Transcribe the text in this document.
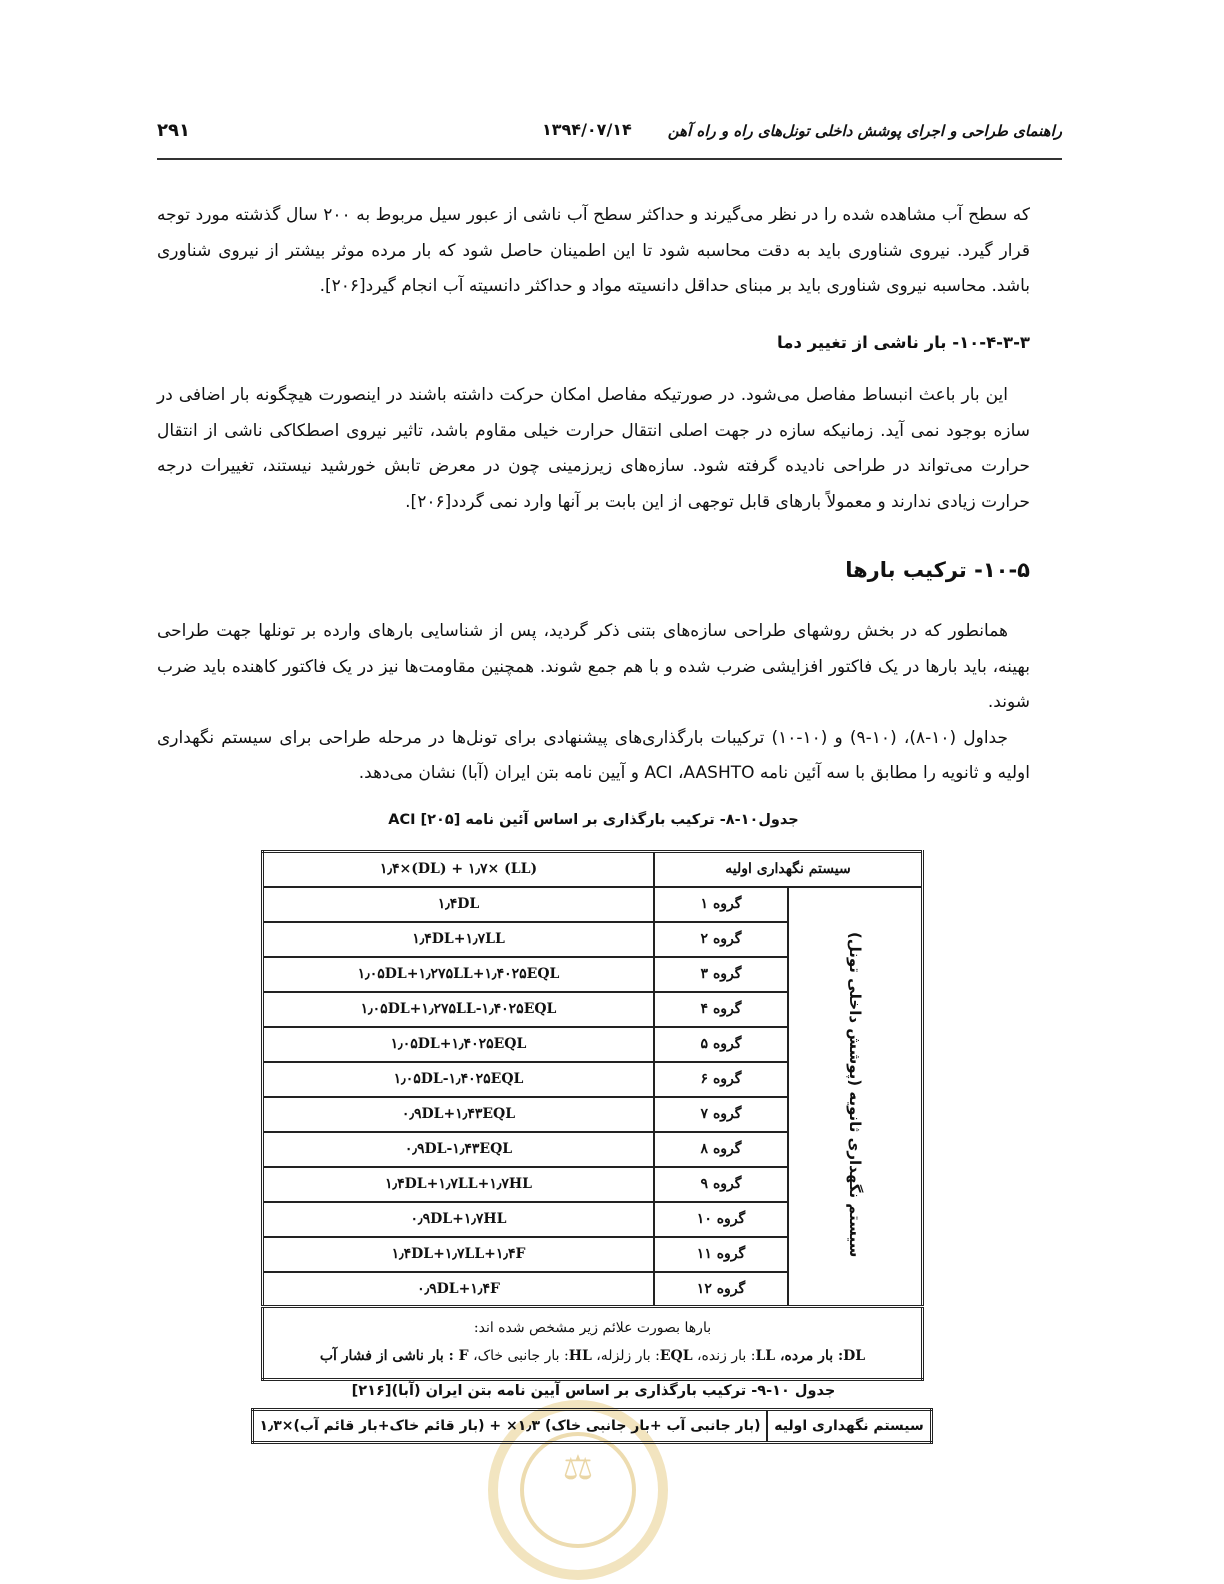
۲۹۱	۱۳۹۴/۰۷/۱۴ راهنمای طراحی و اجرای پوشش داخلی تونل‌های راه و راه آهن

که سطح آب مشاهده شده را در نظر می‌گیرند و حداکثر سطح آب ناشی از عبور سیل مربوط به ۲۰۰ سال گذشته مورد توجه قرار گیرد. نیروی شناوری باید به دقت محاسبه شود تا این اطمینان حاصل شود که بار مرده موثر بیشتر از نیروی شناوری باشد. محاسبه نیروی شناوری باید بر مبنای حداقل دانسیته مواد و حداکثر دانسیته آب انجام گیرد[۲۰۶].

۱۰-۴-۳-۳- بار ناشی از تغییر دما

این بار باعث انبساط مفاصل می‌شود. در صورتیکه مفاصل امکان حرکت داشته باشند در اینصورت هیچگونه بار اضافی در سازه بوجود نمی آید. زمانیکه سازه در جهت اصلی انتقال حرارت خیلی مقاوم باشد، تاثیر نیروی اصطکاکی ناشی از انتقال حرارت می‌تواند در طراحی نادیده گرفته شود. سازه‌های زیرزمینی چون در معرض تابش خورشید نیستند، تغییرات درجه حرارت زیادی ندارند و معمولاً بارهای قابل توجهی از این بابت بر آنها وارد نمی گردد[۲۰۶].

۱۰-۵- ترکیب بارها

همانطور که در بخش روشهای طراحی سازه‌های بتنی ذکر گردید، پس از شناسایی بارهای وارده بر تونلها جهت طراحی بهینه، باید بارها در یک فاکتور افزایشی ضرب شده و با هم جمع شوند. همچنین مقاومت‌ها نیز در یک فاکتور کاهنده باید ضرب شوند.

جداول (۱۰-۸)، (۱۰-۹) و (۱۰-۱۰) ترکیبات بارگذاری‌های پیشنهادی برای تونل‌ها در مرحله طراحی برای سیستم نگهداری اولیه و ثانویه را مطابق با سه آئین نامه ACI ،AASHTO و آیین نامه بتن ایران (آبا) نشان می‌دهد.

جدول۱۰-۸- ترکیب بارگذاری بر اساس آئین نامه ACI [۲۰۵]
سیستم نگهداری اولیه		۱٫۴×(DL) + ۱٫۷× (LL)
سیستم نگهداری ثانویه (پوشش داخلی تونل)	گروه ۱	۱٫۴DL
	گروه ۲	۱٫۴DL+۱٫۷LL
	گروه ۳	۱٫۰۵DL+۱٫۲۷۵LL+۱٫۴۰۲۵EQL
	گروه ۴	۱٫۰۵DL+۱٫۲۷۵LL-۱٫۴۰۲۵EQL
	گروه ۵	۱٫۰۵DL+۱٫۴۰۲۵EQL
	گروه ۶	۱٫۰۵DL-۱٫۴۰۲۵EQL
	گروه ۷	۰٫۹DL+۱٫۴۳EQL
	گروه ۸	۰٫۹DL-۱٫۴۳EQL
	گروه ۹	۱٫۴DL+۱٫۷LL+۱٫۷HL
	گروه ۱۰	۰٫۹DL+۱٫۷HL
	گروه ۱۱	۱٫۴DL+۱٫۷LL+۱٫۴F
	گروه ۱۲	۰٫۹DL+۱٫۴F

بارها بصورت علائم زیر مشخص شده اند:
DL: بار مرده، LL: بار زنده، EQL: بار زلزله، HL: بار جانبی خاک، F : بار ناشی از فشار آب		
جدول ۱۰-۹- ترکیب بارگذاری بر اساس آیین نامه بتن ایران (آبا)[۲۱۶]
⚖
سیستم نگهداری اولیه	(بار جانبی آب +بار جانبی خاک) ۱٫۳× + (بار قائم خاک+بار قائم آب)×۱٫۳
